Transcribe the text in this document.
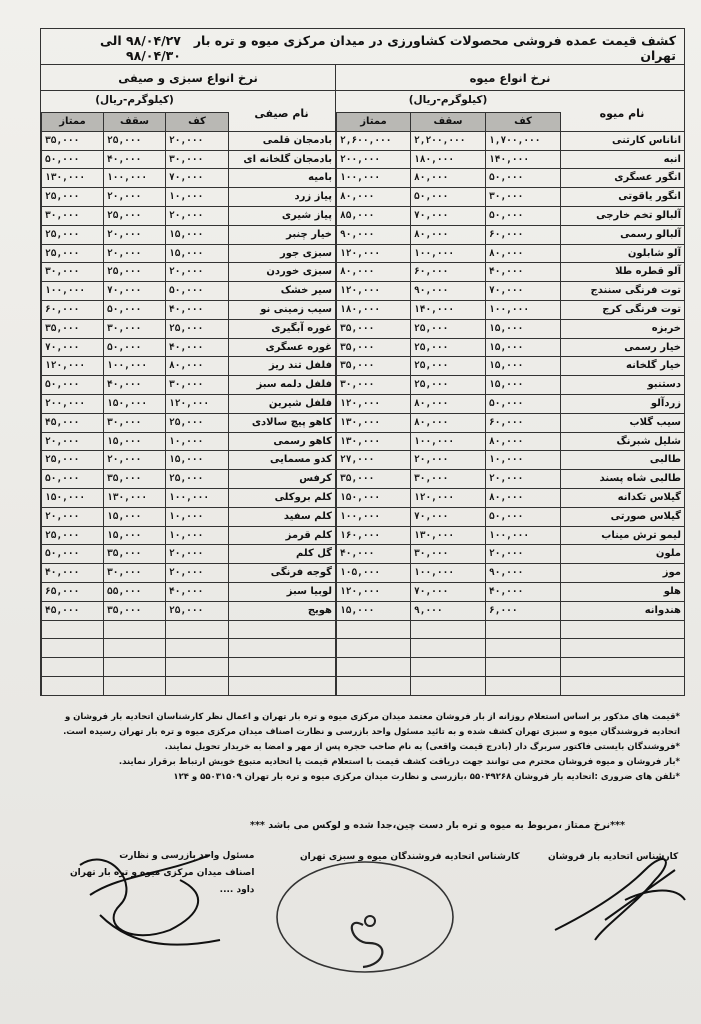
کشف قیمت عمده فروشی محصولات کشاورزی در میدان مرکزی میوه و تره بار تهران
۹۸/۰۴/۲۷ الی ۹۸/۰۴/۳۰
نرخ انواع میوه
نرخ انواع سبزی و صیفی
نام میوه
(کیلوگرم-ریال)
نام صیفی
(کیلوگرم-ریال)
	کف	سقف	ممتاز
اناناس کارتنی	۱,۷۰۰,۰۰۰	۲,۲۰۰,۰۰۰	۲,۶۰۰,۰۰۰
انبه	۱۴۰,۰۰۰	۱۸۰,۰۰۰	۲۰۰,۰۰۰
انگور عسگری	۵۰,۰۰۰	۸۰,۰۰۰	۱۰۰,۰۰۰
انگور یاقوتی	۳۰,۰۰۰	۵۰,۰۰۰	۸۰,۰۰۰
آلبالو تخم خارجی	۵۰,۰۰۰	۷۰,۰۰۰	۸۵,۰۰۰
آلبالو رسمی	۶۰,۰۰۰	۸۰,۰۰۰	۹۰,۰۰۰
آلو شابلون	۸۰,۰۰۰	۱۰۰,۰۰۰	۱۲۰,۰۰۰
آلو قطره طلا	۴۰,۰۰۰	۶۰,۰۰۰	۸۰,۰۰۰
توت فرنگی سنندج	۷۰,۰۰۰	۹۰,۰۰۰	۱۲۰,۰۰۰
توت فرنگی کرج	۱۰۰,۰۰۰	۱۴۰,۰۰۰	۱۸۰,۰۰۰
خربزه	۱۵,۰۰۰	۲۵,۰۰۰	۳۵,۰۰۰
خیار رسمی	۱۵,۰۰۰	۲۵,۰۰۰	۳۵,۰۰۰
خیار گلخانه	۱۵,۰۰۰	۲۵,۰۰۰	۳۵,۰۰۰
دستنبو	۱۵,۰۰۰	۲۵,۰۰۰	۳۰,۰۰۰
زردآلو	۵۰,۰۰۰	۸۰,۰۰۰	۱۲۰,۰۰۰
سیب گلاب	۶۰,۰۰۰	۸۰,۰۰۰	۱۳۰,۰۰۰
شلیل شبرنگ	۸۰,۰۰۰	۱۰۰,۰۰۰	۱۳۰,۰۰۰
طالبی	۱۰,۰۰۰	۲۰,۰۰۰	۲۷,۰۰۰
طالبی شاه پسند	۲۰,۰۰۰	۳۰,۰۰۰	۳۵,۰۰۰
گیلاس تکدانه	۸۰,۰۰۰	۱۲۰,۰۰۰	۱۵۰,۰۰۰
گیلاس صورتی	۵۰,۰۰۰	۷۰,۰۰۰	۱۰۰,۰۰۰
لیمو ترش میناب	۱۰۰,۰۰۰	۱۳۰,۰۰۰	۱۶۰,۰۰۰
ملون	۲۰,۰۰۰	۳۰,۰۰۰	۴۰,۰۰۰
موز	۹۰,۰۰۰	۱۰۰,۰۰۰	۱۰۵,۰۰۰
هلو	۴۰,۰۰۰	۷۰,۰۰۰	۱۲۰,۰۰۰
هندوانه	۶,۰۰۰	۹,۰۰۰	۱۵,۰۰۰

	کف	سقف	ممتاز
بادمجان قلمی	۲۰,۰۰۰	۲۵,۰۰۰	۳۵,۰۰۰
بادمجان گلخانه ای	۳۰,۰۰۰	۴۰,۰۰۰	۵۰,۰۰۰
بامیه	۷۰,۰۰۰	۱۰۰,۰۰۰	۱۳۰,۰۰۰
پیاز زرد	۱۰,۰۰۰	۲۰,۰۰۰	۲۵,۰۰۰
پیاز شیری	۲۰,۰۰۰	۲۵,۰۰۰	۳۰,۰۰۰
خیار چنبر	۱۵,۰۰۰	۲۰,۰۰۰	۲۵,۰۰۰
سبزی جور	۱۵,۰۰۰	۲۰,۰۰۰	۲۵,۰۰۰
سبزی خوردن	۲۰,۰۰۰	۲۵,۰۰۰	۳۰,۰۰۰
سیر خشک	۵۰,۰۰۰	۷۰,۰۰۰	۱۰۰,۰۰۰
سیب زمینی نو	۴۰,۰۰۰	۵۰,۰۰۰	۶۰,۰۰۰
غوره آبگیری	۲۵,۰۰۰	۳۰,۰۰۰	۳۵,۰۰۰
غوره عسگری	۴۰,۰۰۰	۵۰,۰۰۰	۷۰,۰۰۰
فلفل تند ریز	۸۰,۰۰۰	۱۰۰,۰۰۰	۱۲۰,۰۰۰
فلفل دلمه سبز	۳۰,۰۰۰	۴۰,۰۰۰	۵۰,۰۰۰
فلفل شیرین	۱۲۰,۰۰۰	۱۵۰,۰۰۰	۲۰۰,۰۰۰
کاهو پیچ سالادی	۲۵,۰۰۰	۳۰,۰۰۰	۴۵,۰۰۰
کاهو رسمی	۱۰,۰۰۰	۱۵,۰۰۰	۲۰,۰۰۰
کدو مسمایی	۱۵,۰۰۰	۲۰,۰۰۰	۲۵,۰۰۰
کرفس	۲۵,۰۰۰	۳۵,۰۰۰	۵۰,۰۰۰
کلم بروکلی	۱۰۰,۰۰۰	۱۳۰,۰۰۰	۱۵۰,۰۰۰
کلم سفید	۱۰,۰۰۰	۱۵,۰۰۰	۲۰,۰۰۰
کلم قرمز	۱۰,۰۰۰	۱۵,۰۰۰	۲۵,۰۰۰
گل کلم	۲۰,۰۰۰	۳۵,۰۰۰	۵۰,۰۰۰
گوجه فرنگی	۲۰,۰۰۰	۳۰,۰۰۰	۴۰,۰۰۰
لوبیا سبز	۴۰,۰۰۰	۵۵,۰۰۰	۶۵,۰۰۰
هویج	۲۵,۰۰۰	۳۵,۰۰۰	۴۵,۰۰۰

*قیمت های مذکور بر اساس استعلام روزانه از بار فروشان معتمد میدان مرکزی میوه و تره بار تهران و اعمال نظر کارشناسان اتحادیه بار فروشان و

اتحادیه فروشندگان میوه و سبزی تهران کشف شده و به تائید مسئول واحد بازرسی و نظارت اصناف میدان مرکزی میوه و تره بار تهران رسیده است.

*فروشندگان بایستی فاکتور سربرگ دار (بادرج قیمت واقعی) به نام صاحب حجره پس از مهر و امضا به خریدار تحویل نمایند.

*بار فروشان و میوه فروشان محترم می توانند جهت دریافت کشف قیمت با استعلام قیمت یا اتحادیه متبوع خویش ارتباط برقرار نمایند.

*تلفن های ضروری :اتحادیه بار فروشان ۵۵۰۴۹۲۶۸ ،بازرسی و نظارت میدان مرکزی میوه و تره بار تهران ۵۵۰۳۱۵۰۹ و ۱۲۴

***نرخ ممتاز ،مربوط به میوه و تره بار دست چین،جدا شده و لوکس می باشد ***
کارشناس اتحادیه بار فروشان
کارشناس اتحادیه فروشندگان میوه و سبزی تهران
مسئول واحد بازرسی و نظارت
اصناف میدان مرکزی میوه و تره بار تهران
داود ....
